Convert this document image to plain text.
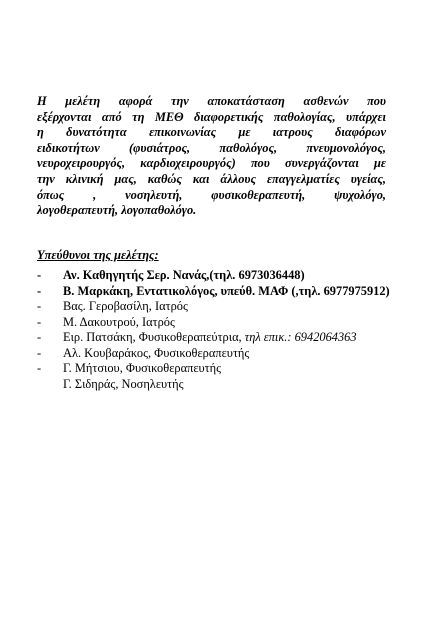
Η μελέτη αφορά την αποκατάσταση ασθενών που
εξέρχονται από τη ΜΕΘ διαφορετικής παθολογίας, υπάρχει
η δυνατότητα επικοινωνίας με ιατρους διαφόρων
ειδικοτήτων (φυσιάτρος, παθολόγος, πνευμονολόγος,
νευροχειρουργός, καρδιοχειρουργός) που συνεργάζονται με
την κλινική μας, καθώς και άλλους επαγγελματίες υγείας,
όπως , νοσηλευτή, φυσικοθεραπευτή, ψυχολόγο,
λογοθεραπευτή, λογοπαθολόγο.
Υπεύθυνοι της μελέτης:
-	Αν. Καθηγητής Σερ. Νανάς,(τηλ. 6973036448)
-	Β. Μαρκάκη, Εντατικολόγος, υπεύθ. ΜΑΦ (,τηλ. 6977975912)
-	Βας. Γεροβασίλη, Ιατρός
-	Μ. Δακουτρού, Ιατρός
-	Ειρ. Πατσάκη, Φυσικοθεραπεύτρια, τηλ επικ.: 6942064363
-	Αλ. Κουβαράκος, Φυσικοθεραπευτής
-	Γ. Μήτσιου, Φυσικοθεραπευτής
Γ. Σιδηράς, Νοσηλευτής
